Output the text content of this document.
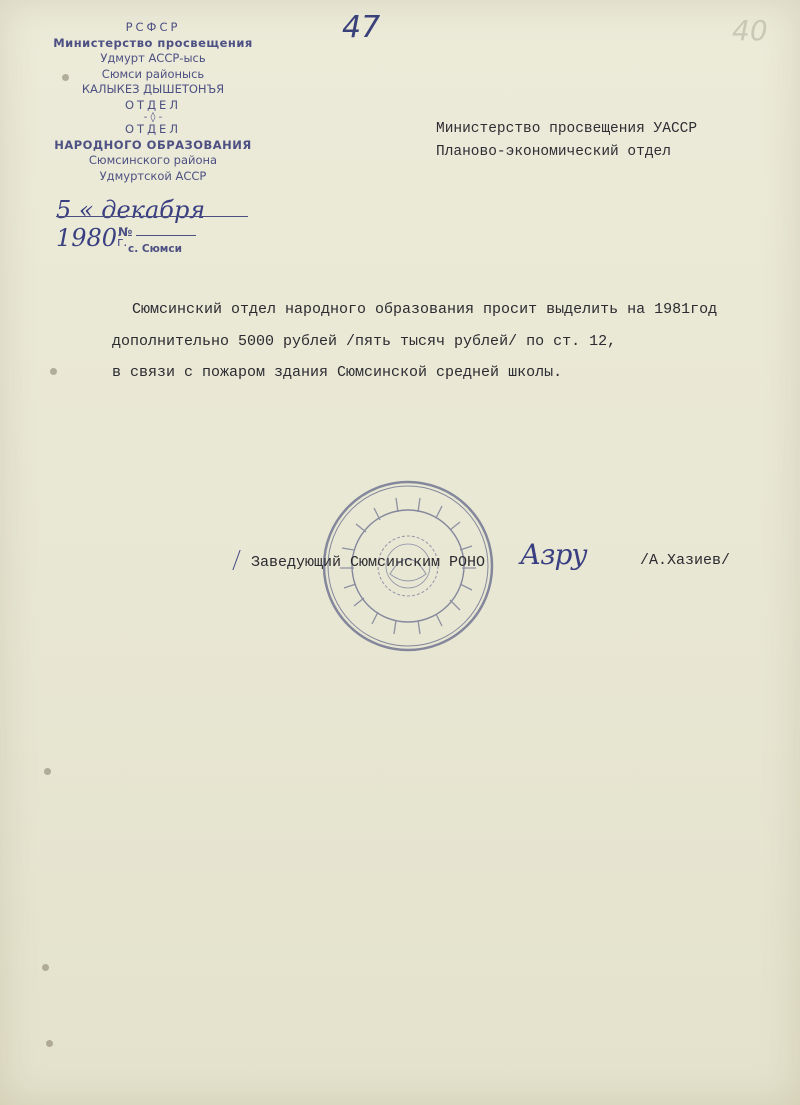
47	40
РСФСР
Министерство просвещения
Удмурт АССР-ысь
Сюмси районысь
КАЛЫКЕЗ ДЫШЕТОНЪЯ
ОТДЕЛ
- ◊ -
ОТДЕЛ
НАРОДНОГО ОБРАЗОВАНИЯ
Сюмсинского района
Удмуртской АССР
5 « декабря 1980г.
№
с. Сюмси
Министерство просвещения УАССР
Планово-экономический отдел
Сюмсинский отдел народного образования просит выделить на 1981год
дополнительно 5000 рублей /пять тысяч рублей/ по ст. 12,
в связи с пожаром здания Сюмсинской средней школы.
Заведующий Сюмсинским РОНО Азру	/А.Хазиев/
